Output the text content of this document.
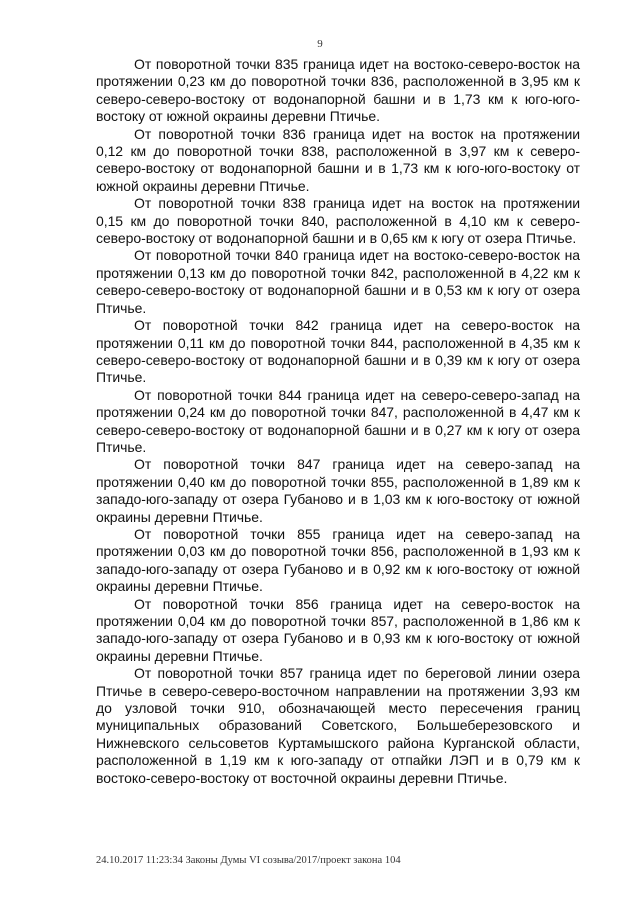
9

От поворотной точки 835 граница идет на востоко-северо-восток на протяжении 0,23 км до поворотной точки 836, расположенной в 3,95 км к северо-северо-востоку от водонапорной башни и в 1,73 км к юго-юго-востоку от южной окраины деревни Птичье.

От поворотной точки 836 граница идет на восток на протяжении 0,12 км до поворотной точки 838, расположенной в 3,97 км к северо-северо-востоку от водонапорной башни и в 1,73 км к юго-юго-востоку от южной окраины деревни Птичье.

От поворотной точки 838 граница идет на восток на протяжении 0,15 км до поворотной точки 840, расположенной в 4,10 км к северо-северо-востоку от водонапорной башни и в 0,65 км к югу от озера Птичье.

От поворотной точки 840 граница идет на востоко-северо-восток на протяжении 0,13 км до поворотной точки 842, расположенной в 4,22 км к северо-северо-востоку от водонапорной башни и в 0,53 км к югу от озера Птичье.

От поворотной точки 842 граница идет на северо-восток на протяжении 0,11 км до поворотной точки 844, расположенной в 4,35 км к северо-северо-востоку от водонапорной башни и в 0,39 км к югу от озера Птичье.

От поворотной точки 844 граница идет на северо-северо-запад на протяжении 0,24 км до поворотной точки 847, расположенной в 4,47 км к северо-северо-востоку от водонапорной башни и в 0,27 км к югу от озера Птичье.

От поворотной точки 847 граница идет на северо-запад на протяжении 0,40 км до поворотной точки 855, расположенной в 1,89 км к западо-юго-западу от озера Губаново и в 1,03 км к юго-востоку от южной окраины деревни Птичье.

От поворотной точки 855 граница идет на северо-запад на протяжении 0,03 км до поворотной точки 856, расположенной в 1,93 км к западо-юго-западу от озера Губаново и в 0,92 км к юго-востоку от южной окраины деревни Птичье.

От поворотной точки 856 граница идет на северо-восток на протяжении 0,04 км до поворотной точки 857, расположенной в 1,86 км к западо-юго-западу от озера Губаново и в 0,93 км к юго-востоку от южной окраины деревни Птичье.

От поворотной точки 857 граница идет по береговой линии озера Птичье в северо-северо-восточном направлении на протяжении 3,93 км до узловой точки 910, обозначающей место пересечения границ муниципальных образований Советского, Большеберезовского и Нижневского сельсоветов Куртамышского района Курганской области, расположенной в 1,19 км к юго-западу от отпайки ЛЭП и в 0,79 км к востоко-северо-востоку от восточной окраины деревни Птичье.

24.10.2017 11:23:34 Законы Думы VI созыва/2017/проект закона 104
